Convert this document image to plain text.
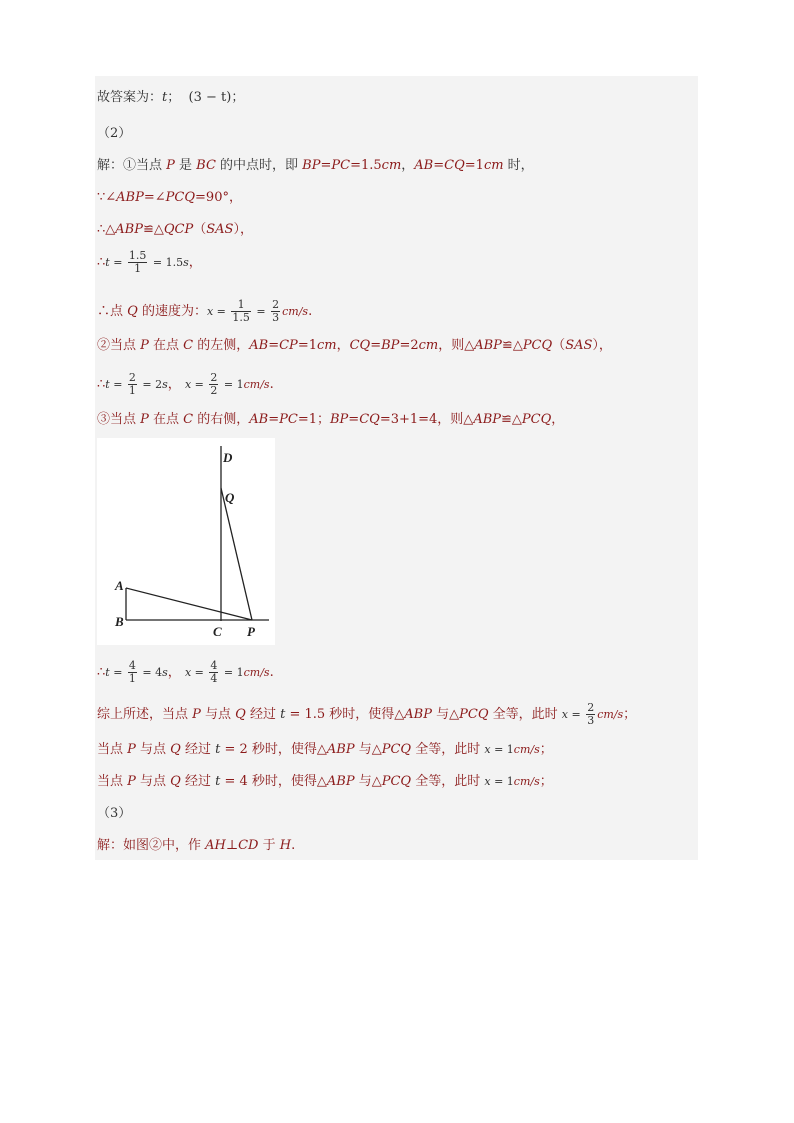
故答案为：t； (3 − t)；
（2）
解：①当点 P 是 BC 的中点时，即 BP=PC=1.5cm，AB=CQ=1cm 时，
∵∠ABP=∠PCQ=90°，
∴△ABP≌△QCP（SAS），
∴t = $\frac{1.5}{1} = 1.5s$，
∴点 Q 的速度为：$x = \frac{1}{1.5} = \frac{2}{3} cm/s$.
②当点 P 在点 C 的左侧，AB=CP=1cm，CQ=BP=2cm，则△ABP≌△PCQ（SAS），
∴t = $\frac{2}{1} = 2s$， $x = \frac{2}{2} = 1cm/s$.
③当点 P 在点 C 的右侧，AB=PC=1；BP=CQ=3+1=4，则△ABP≌△PCQ，
D
Q
A
B
C P
∴t = $\frac{4}{1} = 4s$， $x = \frac{4}{4} = 1cm/s$.
综上所述，当点 P 与点 Q 经过 t = 1.5 秒时，使得△ABP 与△PCQ 全等，此时 $x = \frac{2}{3} cm/s$；
当点 P 与点 Q 经过 t = 2 秒时，使得△ABP 与△PCQ 全等，此时 x = 1cm/s；
当点 P 与点 Q 经过 t = 4 秒时，使得△ABP 与△PCQ 全等，此时 x = 1cm/s；
（3）
解：如图②中，作 AH⊥CD 于 H.
